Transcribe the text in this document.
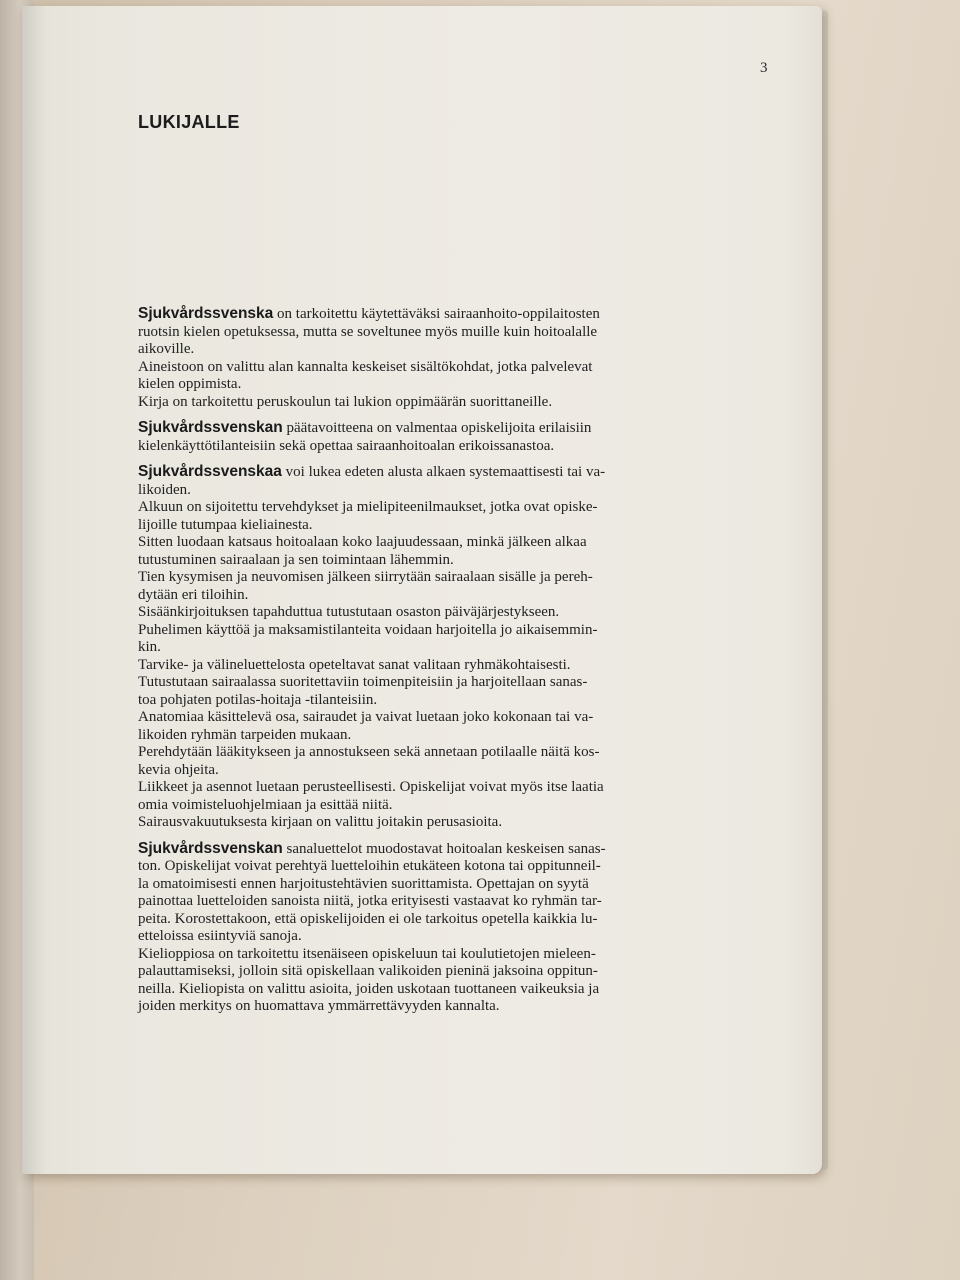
3
LUKIJALLE
Sjukvårdssvenska on tarkoitettu käytettäväksi sairaanhoito-oppilaitosten
ruotsin kielen opetuksessa, mutta se soveltunee myös muille kuin hoitoalalle
aikoville.
Aineistoon on valittu alan kannalta keskeiset sisältökohdat, jotka palvelevat
kielen oppimista.
Kirja on tarkoitettu peruskoulun tai lukion oppimäärän suorittaneille.
Sjukvårdssvenskan päätavoitteena on valmentaa opiskelijoita erilaisiin
kielenkäyttötilanteisiin sekä opettaa sairaanhoitoalan erikoissanastoa.
Sjukvårdssvenskaa voi lukea edeten alusta alkaen systemaattisesti tai va-
likoiden.
Alkuun on sijoitettu tervehdykset ja mielipiteenilmaukset, jotka ovat opiske-
lijoille tutumpaa kieliainesta.
Sitten luodaan katsaus hoitoalaan koko laajuudessaan, minkä jälkeen alkaa
tutustuminen sairaalaan ja sen toimintaan lähemmin.
Tien kysymisen ja neuvomisen jälkeen siirrytään sairaalaan sisälle ja pereh-
dytään eri tiloihin.
Sisäänkirjoituksen tapahduttua tutustutaan osaston päiväjärjestykseen.
Puhelimen käyttöä ja maksamistilanteita voidaan harjoitella jo aikaisemmin-
kin.
Tarvike- ja välineluettelosta opeteltavat sanat valitaan ryhmäkohtaisesti.
Tutustutaan sairaalassa suoritettaviin toimenpiteisiin ja harjoitellaan sanas-
toa pohjaten potilas-hoitaja -tilanteisiin.
Anatomiaa käsittelevä osa, sairaudet ja vaivat luetaan joko kokonaan tai va-
likoiden ryhmän tarpeiden mukaan.
Perehdytään lääkitykseen ja annostukseen sekä annetaan potilaalle näitä kos-
kevia ohjeita.
Liikkeet ja asennot luetaan perusteellisesti. Opiskelijat voivat myös itse laatia
omia voimisteluohjelmiaan ja esittää niitä.
Sairausvakuutuksesta kirjaan on valittu joitakin perusasioita.
Sjukvårdssvenskan sanaluettelot muodostavat hoitoalan keskeisen sanas-
ton. Opiskelijat voivat perehtyä luetteloihin etukäteen kotona tai oppitunneil-
la omatoimisesti ennen harjoitustehtävien suorittamista. Opettajan on syytä
painottaa luetteloiden sanoista niitä, jotka erityisesti vastaavat ko ryhmän tar-
peita. Korostettakoon, että opiskelijoiden ei ole tarkoitus opetella kaikkia lu-
etteloissa esiintyviä sanoja.
Kielioppiosa on tarkoitettu itsenäiseen opiskeluun tai koulutietojen mieleen-
palauttamiseksi, jolloin sitä opiskellaan valikoiden pieninä jaksoina oppitun-
neilla. Kieliopista on valittu asioita, joiden uskotaan tuottaneen vaikeuksia ja
joiden merkitys on huomattava ymmärrettävyyden kannalta.
